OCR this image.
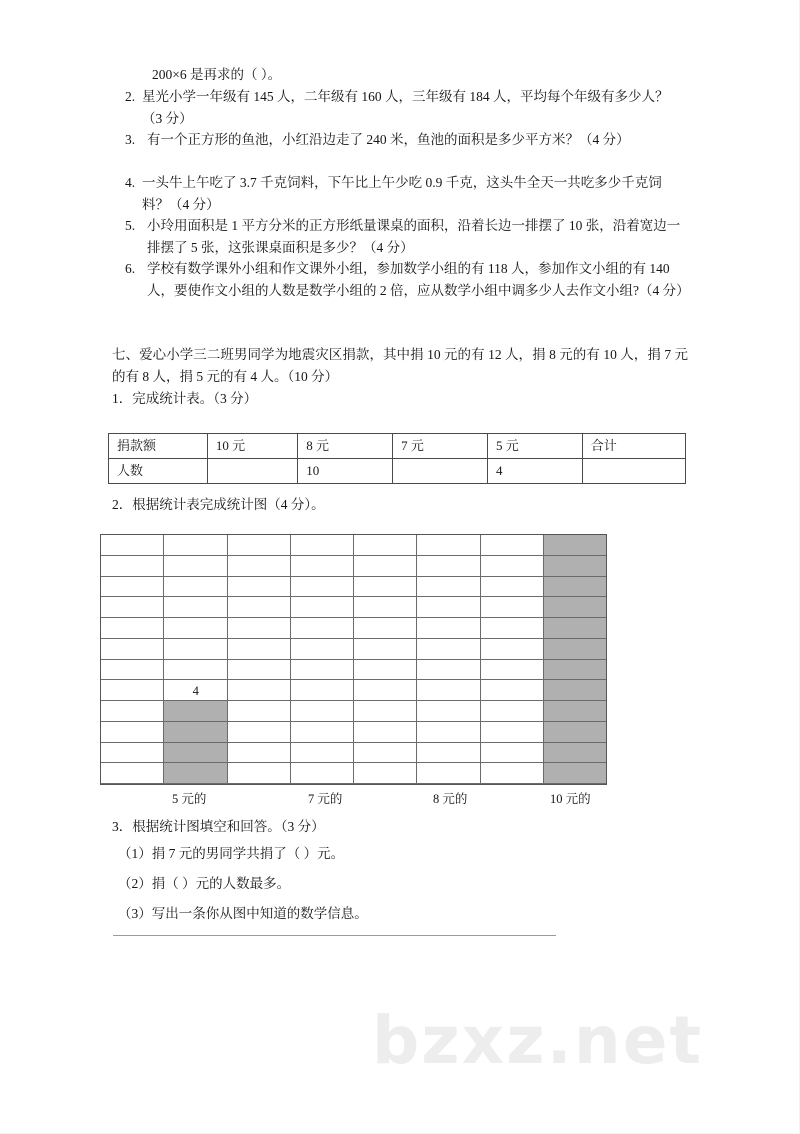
200×6 是再求的（ ）。
2. 星光小学一年级有 145 人，二年级有 160 人，三年级有 184 人，平均每个年级有多少人？（3 分）
3. 有一个正方形的鱼池，小红沿边走了 240 米，鱼池的面积是多少平方米？（4 分）
4. 一头牛上午吃了 3.7 千克饲料，下午比上午少吃 0.9 千克，这头牛全天一共吃多少千克饲料？（4 分）
5. 小玲用面积是 1 平方分米的正方形纸量课桌的面积，沿着长边一排摆了 10 张，沿着宽边一排摆了 5 张，这张课桌面积是多少？（4 分）
6. 学校有数学课外小组和作文课外小组，参加数学小组的有 118 人，参加作文小组的有 140 人，要使作文小组的人数是数学小组的 2 倍，应从数学小组中调多少人去作文小组?（4 分）
七、爱心小学三二班男同学为地震灾区捐款，其中捐 10 元的有 12 人，捐 8 元的有 10 人，捐 7 元的有 8 人，捐 5 元的有 4 人。（10 分）
1．完成统计表。（3 分）
捐款额	10 元	8 元	7 元	5 元	合计
人数		10		4	
2．根据统计表完成统计图（4 分）。
4
5 元的	7 元的	8 元的	10 元的
3．根据统计图填空和回答。（3 分）
（1）捐 7 元的男同学共捐了（ ）元。
（2）捐（ ）元的人数最多。
（3）写出一条你从图中知道的数学信息。
bzxz.net
